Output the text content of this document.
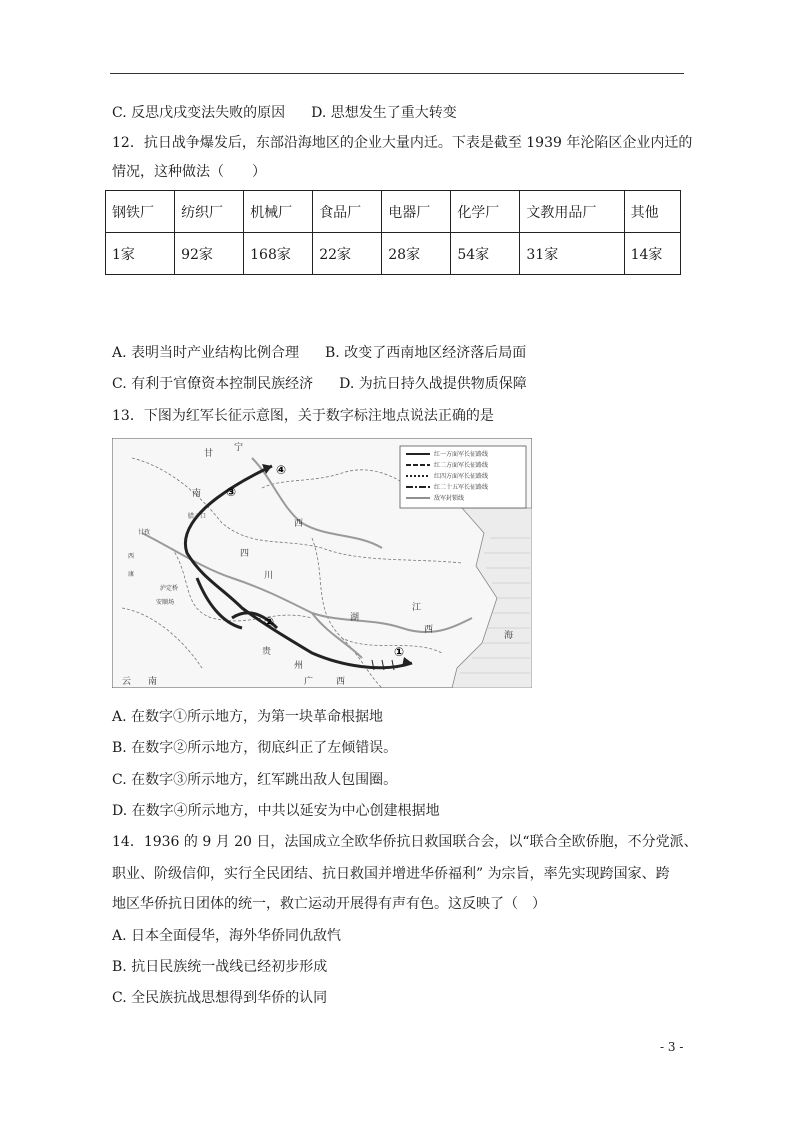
C. 反思戊戌变法失败的原因 D. 思想发生了重大转变
12．抗日战争爆发后，东部沿海地区的企业大量内迁。下表是截至 1939 年沦陷区企业内迁的
情况，这种做法（　　）
钢铁厂	纺织厂	机械厂	食品厂	电器厂	化学厂	文教用品厂	其他
1家	92家	168家	22家	28家	54家	31家	14家
A. 表明当时产业结构比例合理 B. 改变了西南地区经济落后局面
C. 有利于官僚资本控制民族经济 D. 为抗日持久战提供物质保障
13．下图为红军长征示意图，关于数字标注地点说法正确的是
红一方面军长征路线
红二方面军长征路线
红四方面军长征路线
红二十五军长征路线
敌军封锁线
甘
宁
南
西
四
川
湖
江
西
贵
州
云 南	广	西
海
甘孜
西
康
腊子口
泸定桥
安顺场
①
②
③
④
A. 在数字①所示地方，为第一块革命根据地
B. 在数字②所示地方，彻底纠正了左倾错误。
C. 在数字③所示地方，红军跳出敌人包围圈。
D. 在数字④所示地方，中共以延安为中心创建根据地
14．1936 的 9 月 20 日，法国成立全欧华侨抗日救国联合会，以“联合全欧侨胞，不分党派、
职业、阶级信仰，实行全民团结、抗日救国并增进华侨福利” 为宗旨，率先实现跨国家、跨
地区华侨抗日团体的统一，救亡运动开展得有声有色。这反映了（　）
A. 日本全面侵华，海外华侨同仇敌忾
B. 抗日民族统一战线已经初步形成
C. 全民族抗战思想得到华侨的认同
- 3 -
